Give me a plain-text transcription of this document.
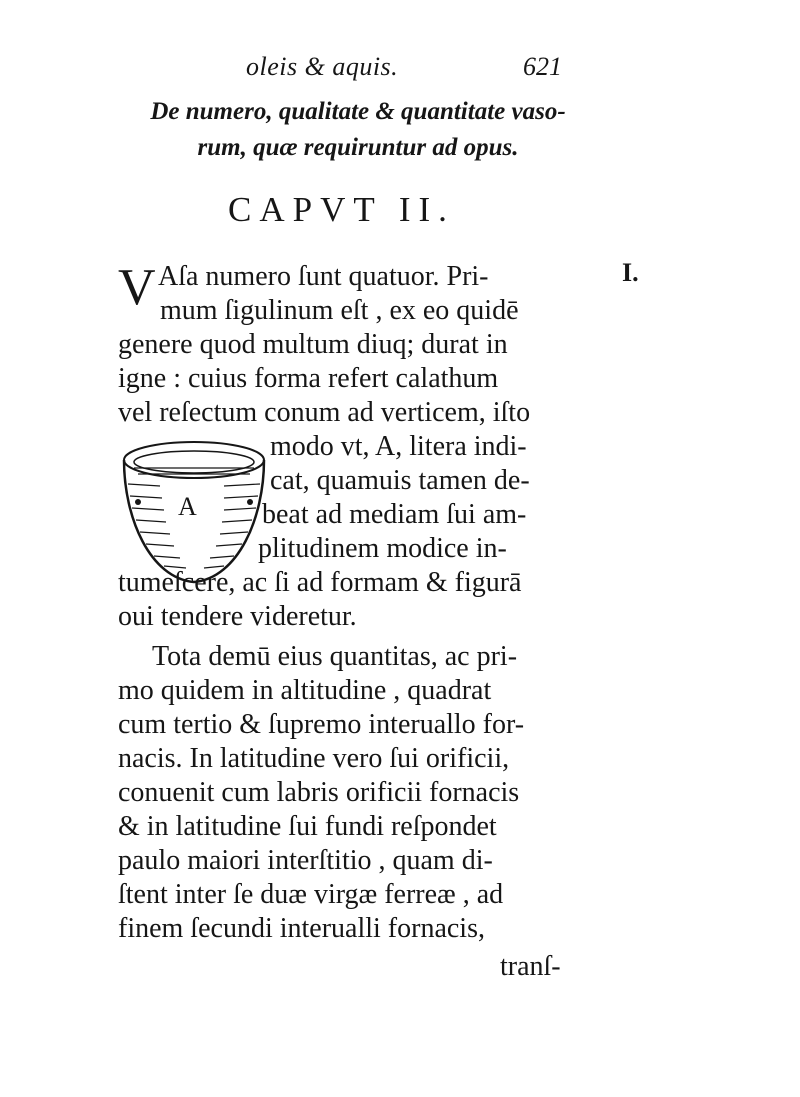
oleis & aquis.	621
De numero, qualitate & quantitate vaso-
rum, quæ requiruntur ad opus.
CAPVT II.
I.
V
A
Aſa numero ſunt quatuor. Pri-
mum ſigulinum eſt , ex eo quidē
genere quod multum diuq; durat in
igne : cuius forma refert calathum
vel reſectum conum ad verticem, iſto
modo vt, A, litera indi-
cat, quamuis tamen de-
beat ad mediam ſui am-
plitudinem modice in-
tumeſcere, ac ſi ad formam & figurā
oui tendere videretur.
Tota demū eius quantitas, ac pri-
mo quidem in altitudine , quadrat
cum tertio & ſupremo interuallo for-
nacis. In latitudine vero ſui orificii,
conuenit cum labris orificii fornacis
& in latitudine ſui fundi reſpondet
paulo maiori interſtitio , quam di-
ſtent inter ſe duæ virgæ ferreæ , ad
finem ſecundi interualli fornacis,
tranſ-
